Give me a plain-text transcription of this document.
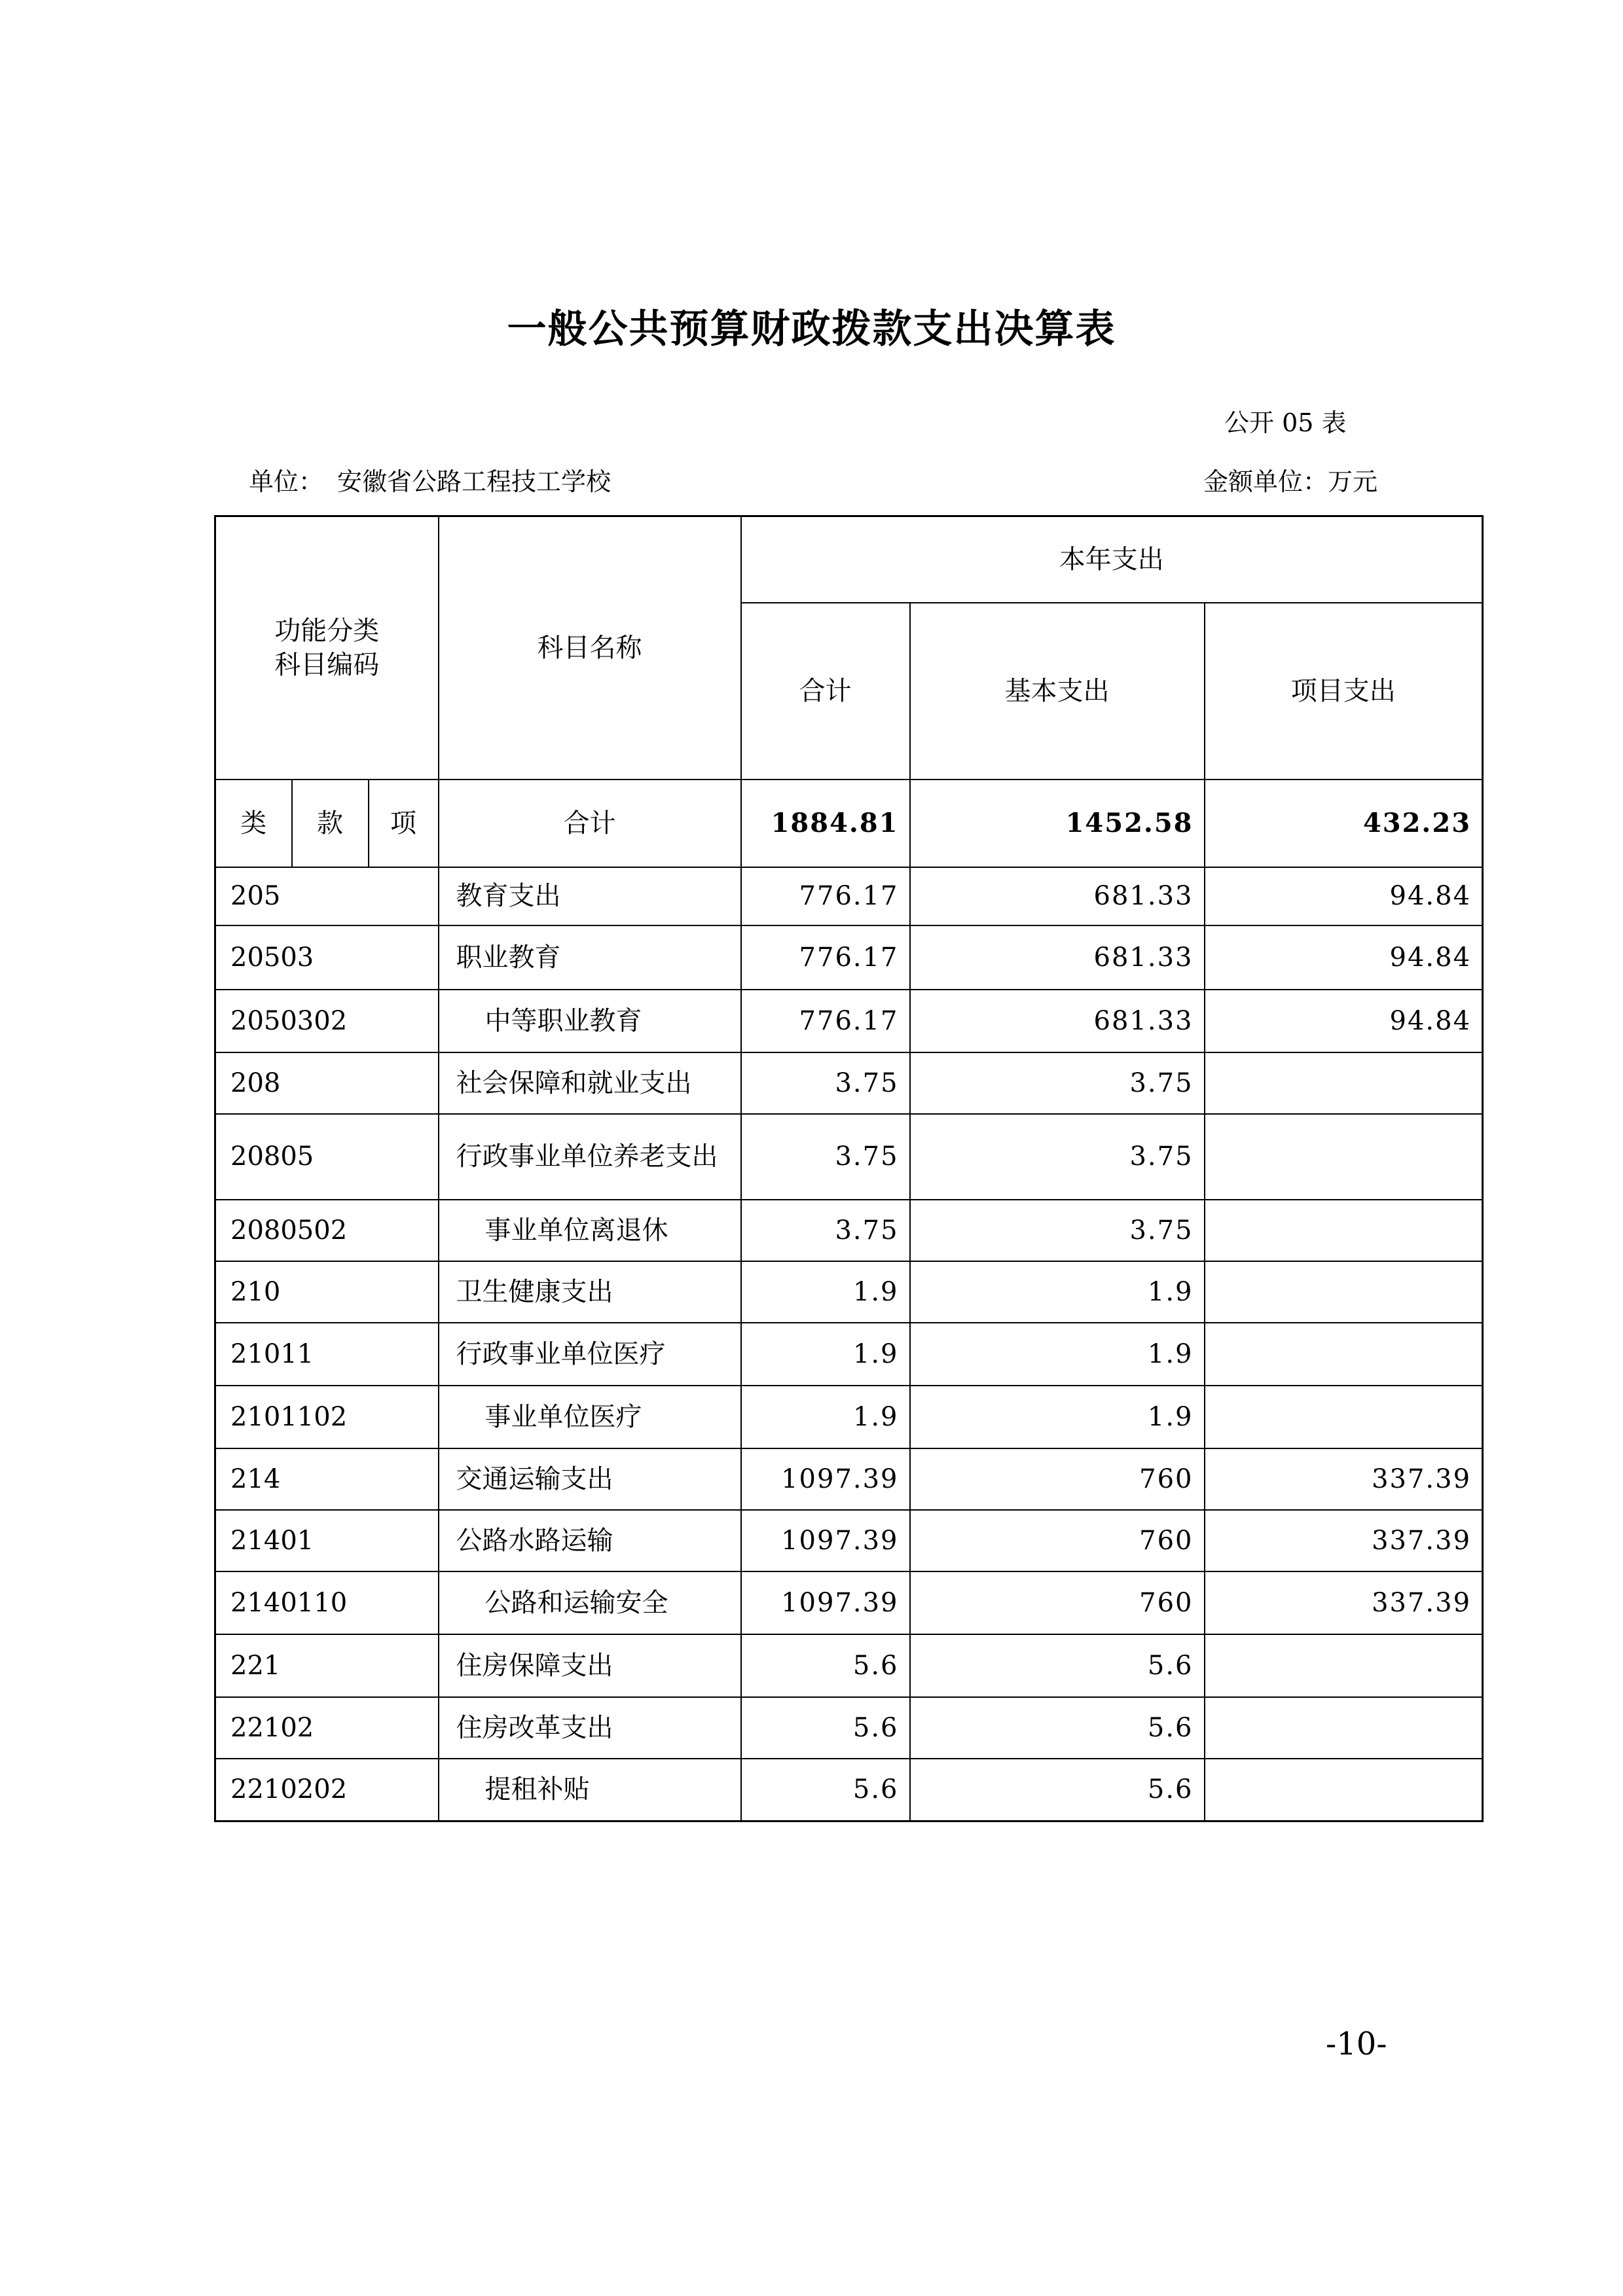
一般公共预算财政拨款支出决算表
公开 05 表
单位： 安徽省公路工程技工学校	金额单位：万元
功能分类
科目编码			科目名称	本年支出		
				合计	基本支出	项目支出
类	款	项	合计	1884.81	1452.58	432.23
205			教育支出	776.17	681.33	94.84
20503			职业教育	776.17	681.33	94.84
2050302			中等职业教育	776.17	681.33	94.84
208			社会保障和就业支出	3.75	3.75	
20805			行政事业单位养老支出	3.75	3.75	
2080502			事业单位离退休	3.75	3.75	
210			卫生健康支出	1.9	1.9	
21011			行政事业单位医疗	1.9	1.9	
2101102			事业单位医疗	1.9	1.9	
214			交通运输支出	1097.39	760	337.39
21401			公路水路运输	1097.39	760	337.39
2140110			公路和运输安全	1097.39	760	337.39
221			住房保障支出	5.6	5.6	
22102			住房改革支出	5.6	5.6	
2210202			提租补贴	5.6	5.6	
-10-
